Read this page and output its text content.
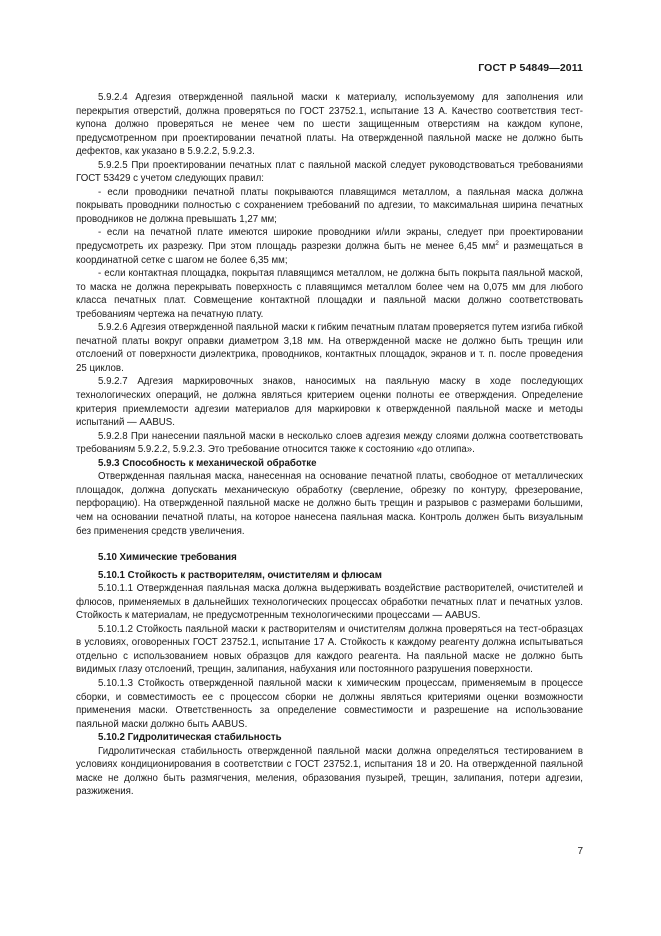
ГОСТ Р 54849—2011

5.9.2.4 Адгезия отвержденной паяльной маски к материалу, используемому для заполнения или перекрытия отверстий, должна проверяться по ГОСТ 23752.1, испытание 13 А. Качество соответствия тест-купона должно проверяться не менее чем по шести защищенным отверстиям на каждом купоне, предусмотренном при проектировании печатной платы. На отвержденной паяльной маске не должно быть дефектов, как указано в 5.9.2.2, 5.9.2.3.

5.9.2.5 При проектировании печатных плат с паяльной маской следует руководствоваться требованиями ГОСТ 53429 с учетом следующих правил:

- если проводники печатной платы покрываются плавящимся металлом, а паяльная маска должна покрывать проводники полностью с сохранением требований по адгезии, то максимальная ширина печатных проводников не должна превышать 1,27 мм;

- если на печатной плате имеются широкие проводники и/или экраны, следует при проектировании предусмотреть их разрезку. При этом площадь разрезки должна быть не менее 6,45 $мм^2$ и размещаться в координатной сетке с шагом не более 6,35 мм;

- если контактная площадка, покрытая плавящимся металлом, не должна быть покрыта паяльной маской, то маска не должна перекрывать поверхность с плавящимся металлом более чем на 0,075 мм для любого класса печатных плат. Совмещение контактной площадки и паяльной маски должно соответствовать требованиям чертежа на печатную плату.

5.9.2.6 Адгезия отвержденной паяльной маски к гибким печатным платам проверяется путем изгиба гибкой печатной платы вокруг оправки диаметром 3,18 мм. На отвержденной маске не должно быть трещин или отслоений от поверхности диэлектрика, проводников, контактных площадок, экранов и т. п. после проведения 25 циклов.

5.9.2.7 Адгезия маркировочных знаков, наносимых на паяльную маску в ходе последующих технологических операций, не должна являться критерием оценки полноты ее отверждения. Определение критерия приемлемости адгезии материалов для маркировки к отвержденной паяльной маске и методы испытаний — AABUS.

5.9.2.8 При нанесении паяльной маски в несколько слоев адгезия между слоями должна соответствовать требованиям 5.9.2.2, 5.9.2.3. Это требование относится также к состоянию «до отлипа».

5.9.3 Способность к механической обработке

Отвержденная паяльная маска, нанесенная на основание печатной платы, свободное от металлических площадок, должна допускать механическую обработку (сверление, обрезку по контуру, фрезерование, перфорацию). На отвержденной паяльной маске не должно быть трещин и разрывов с размерами большими, чем на основании печатной платы, на которое нанесена паяльная маска. Контроль должен быть визуальным без применения средств увеличения.

5.10 Химические требования

5.10.1 Стойкость к растворителям, очистителям и флюсам

5.10.1.1 Отвержденная паяльная маска должна выдерживать воздействие растворителей, очистителей и флюсов, применяемых в дальнейших технологических процессах обработки печатных плат и печатных узлов. Стойкость к материалам, не предусмотренным технологическими процессами — AABUS.

5.10.1.2 Стойкость паяльной маски к растворителям и очистителям должна проверяться на тест-образцах в условиях, оговоренных ГОСТ 23752.1, испытание 17 А. Стойкость к каждому реагенту должна испытываться отдельно с использованием новых образцов для каждого реагента. На паяльной маске не должно быть видимых глазу отслоений, трещин, залипания, набухания или постоянного разрушения поверхности.

5.10.1.3 Стойкость отвержденной паяльной маски к химическим процессам, применяемым в процессе сборки, и совместимость ее с процессом сборки не должны являться критериями оценки возможности применения маски. Ответственность за определение совместимости и разрешение на использование паяльной маски должно быть AABUS.

5.10.2 Гидролитическая стабильность

Гидролитическая стабильность отвержденной паяльной маски должна определяться тестированием в условиях кондиционирования в соответствии с ГОСТ 23752.1, испытания 18 и 20. На отвержденной паяльной маске не должно быть размягчения, меления, образования пузырей, трещин, залипания, потери адгезии, разжижения.

7
